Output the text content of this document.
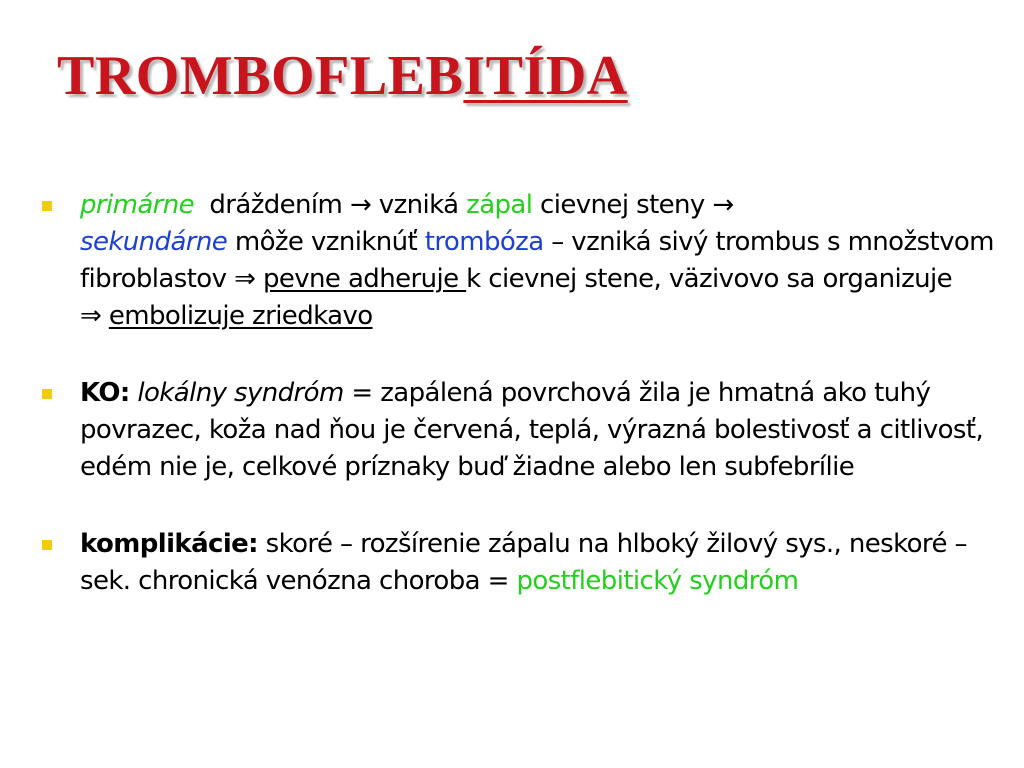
TROMBOFLEBITÍDA
primárne  dráždením → vzniká zápal cievnej steny →
sekundárne môže vzniknúť trombóza – vzniká sivý trombus s množstvom fibroblastov ⇒ pevne adheruje k cievnej stene, väzivovo sa organizuje ⇒ embolizuje zriedkavo
KO: lokálny syndróm = zapálená povrchová žila je hmatná ako tuhý povrazec, koža nad ňou je červená, teplá, výrazná bolestivosť a citlivosť, edém nie je, celkové príznaky buď žiadne alebo len subfebrílie
komplikácie: skoré – rozšírenie zápalu na hlboký žilový sys., neskoré – sek. chronická venózna choroba = postflebitický syndróm
